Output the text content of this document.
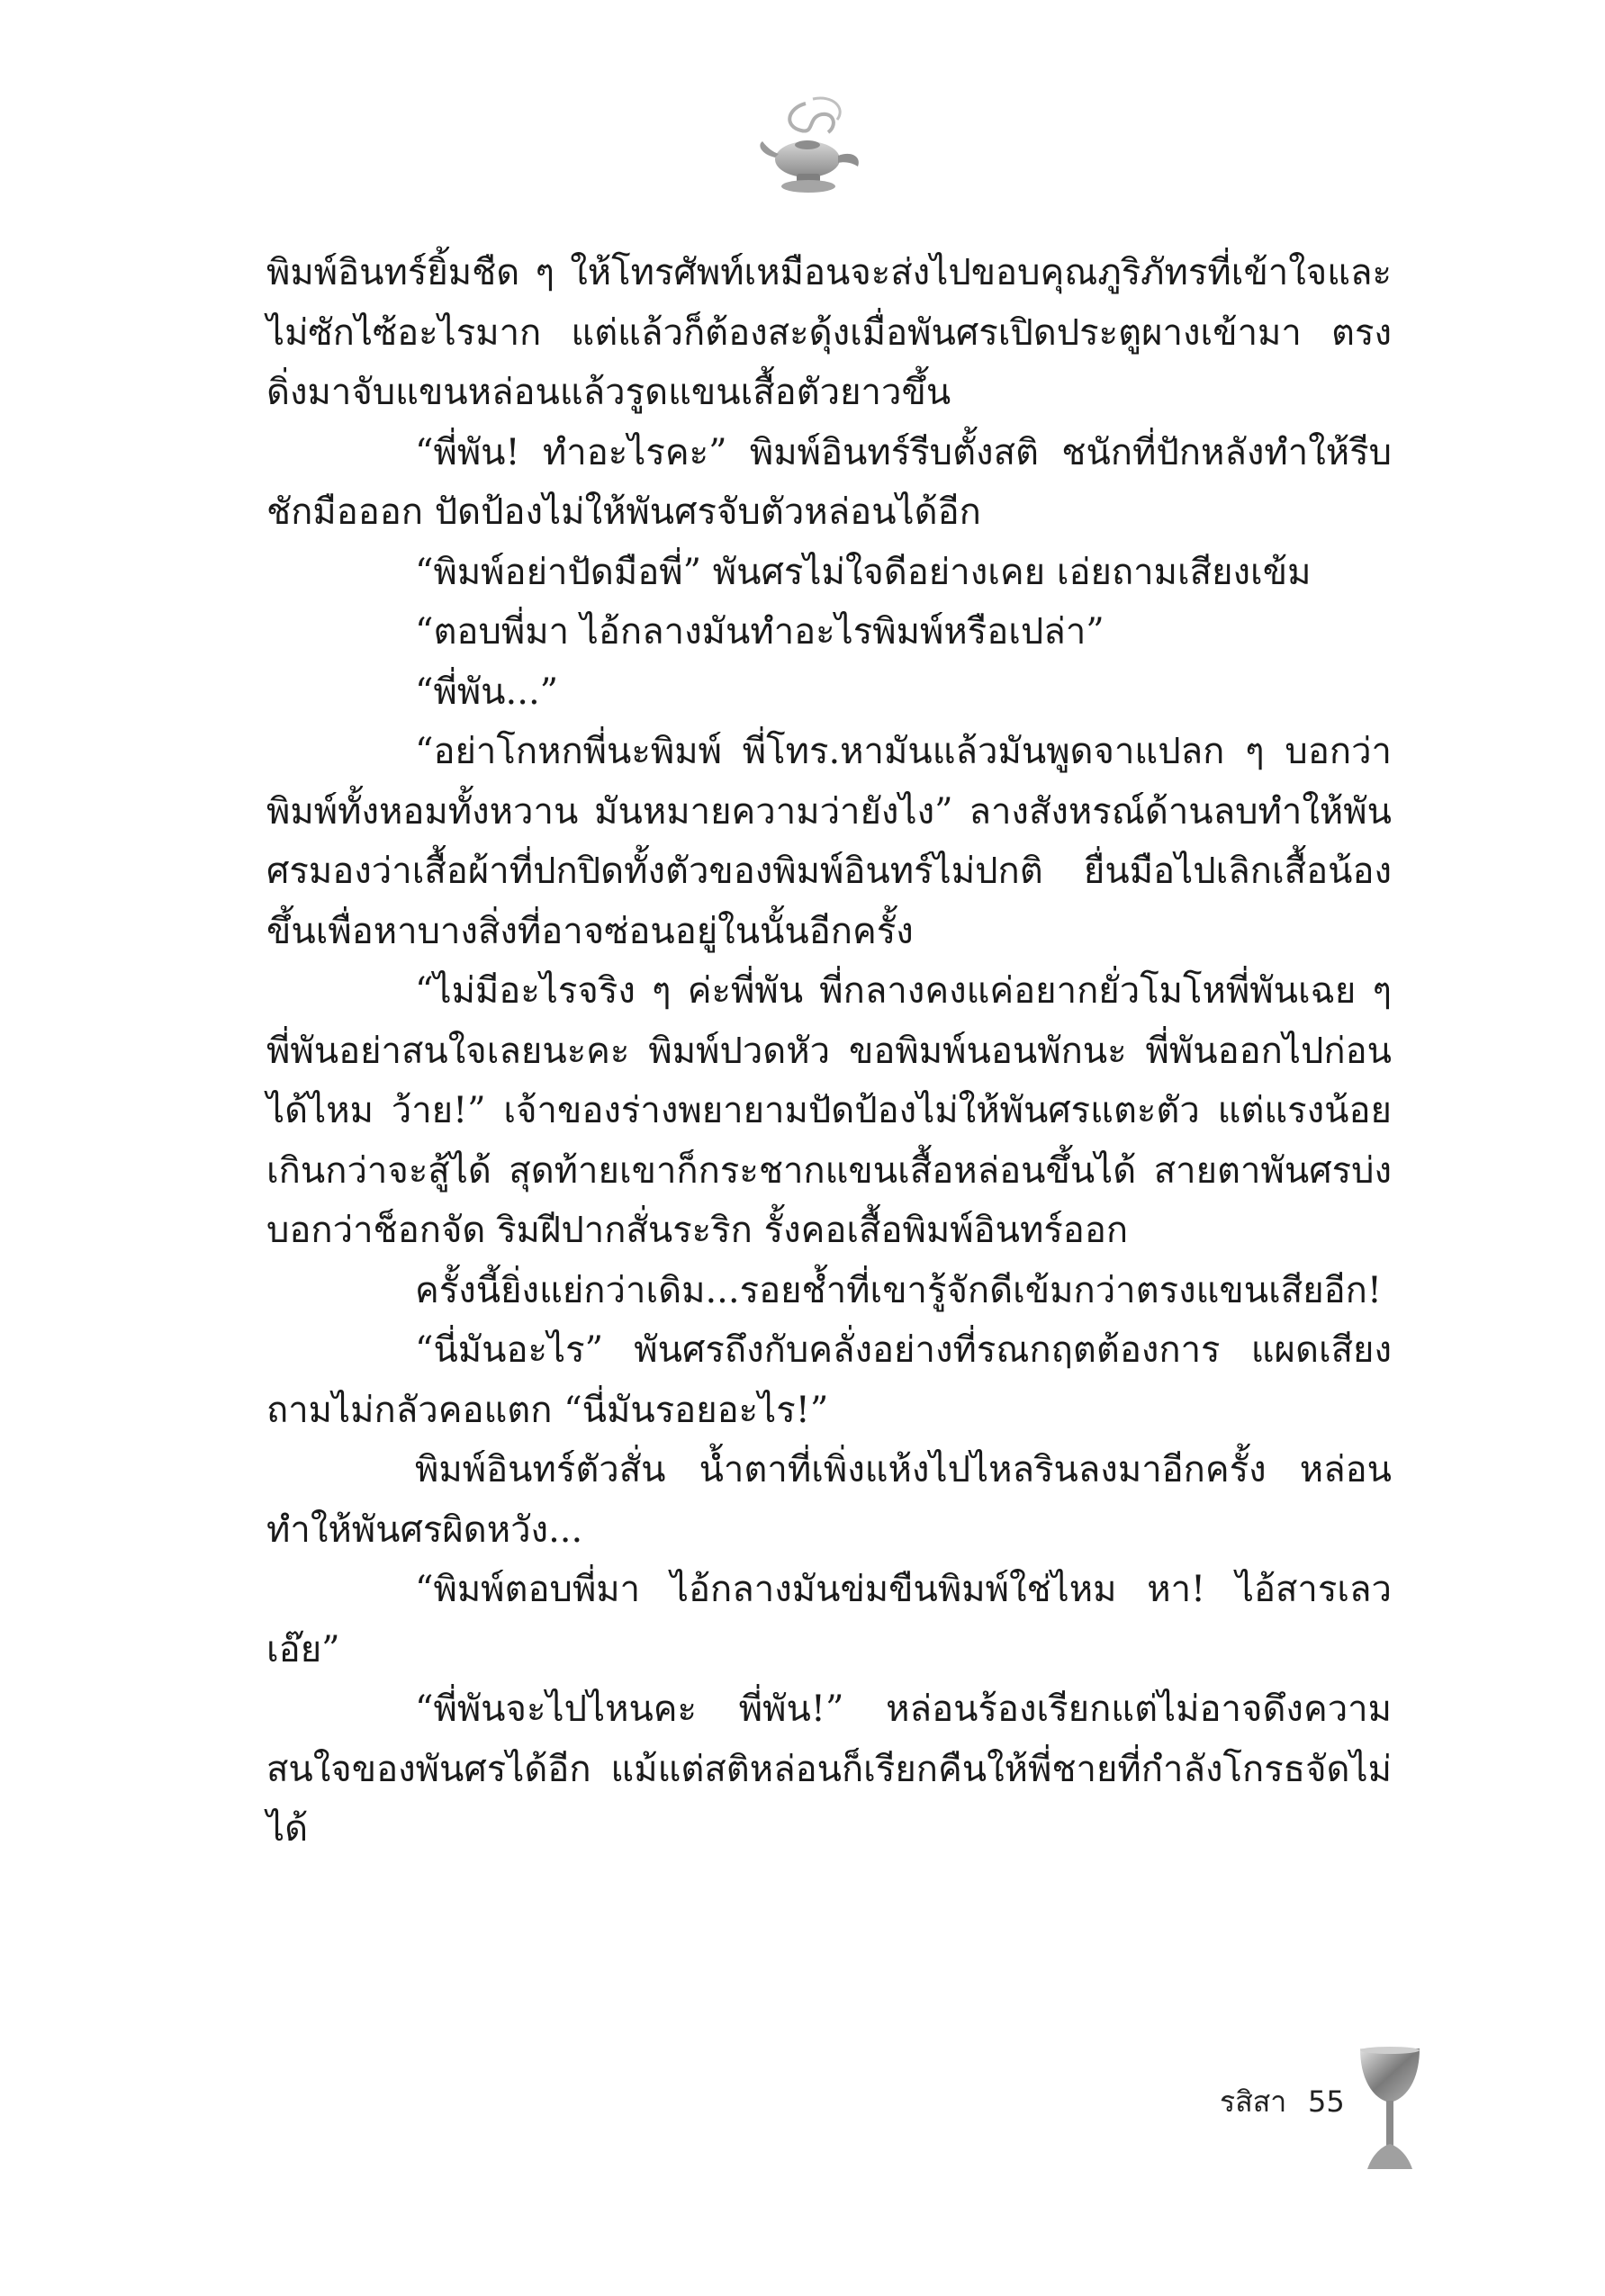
พิมพ์อินทร์ยิ้มชืด ๆ ให้โทรศัพท์เหมือนจะส่งไปขอบคุณภูริภัทรที่เข้าใจและไม่ซักไซ้อะไรมาก แต่แล้วก็ต้องสะดุ้งเมื่อพันศรเปิดประตูผางเข้ามา ตรงดิ่งมาจับแขนหล่อนแล้วรูดแขนเสื้อตัวยาวขึ้น

“พี่พัน! ทำอะไรคะ” พิมพ์อินทร์รีบตั้งสติ ชนักที่ปักหลังทำให้รีบชักมือออก ปัดป้องไม่ให้พันศรจับตัวหล่อนได้อีก

“พิมพ์อย่าปัดมือพี่” พันศรไม่ใจดีอย่างเคย เอ่ยถามเสียงเข้ม

“ตอบพี่มา ไอ้กลางมันทำอะไรพิมพ์หรือเปล่า”

“พี่พัน...”

“อย่าโกหกพี่นะพิมพ์ พี่โทร.หามันแล้วมันพูดจาแปลก ๆ บอกว่าพิมพ์ทั้งหอมทั้งหวาน มันหมายความว่ายังไง” ลางสังหรณ์ด้านลบทำให้พันศรมองว่าเสื้อผ้าที่ปกปิดทั้งตัวของพิมพ์อินทร์ไม่ปกติ ยื่นมือไปเลิกเสื้อน้องขึ้นเพื่อหาบางสิ่งที่อาจซ่อนอยู่ในนั้นอีกครั้ง

“ไม่มีอะไรจริง ๆ ค่ะพี่พัน พี่กลางคงแค่อยากยั่วโมโหพี่พันเฉย ๆ พี่พันอย่าสนใจเลยนะคะ พิมพ์ปวดหัว ขอพิมพ์นอนพักนะ พี่พันออกไปก่อนได้ไหม ว้าย!” เจ้าของร่างพยายามปัดป้องไม่ให้พันศรแตะตัว แต่แรงน้อยเกินกว่าจะสู้ได้ สุดท้ายเขาก็กระชากแขนเสื้อหล่อนขึ้นได้ สายตาพันศรบ่งบอกว่าช็อกจัด ริมฝีปากสั่นระริก รั้งคอเสื้อพิมพ์อินทร์ออก

ครั้งนี้ยิ่งแย่กว่าเดิม...รอยช้ำที่เขารู้จักดีเข้มกว่าตรงแขนเสียอีก!

“นี่มันอะไร” พันศรถึงกับคลั่งอย่างที่รณกฤตต้องการ แผดเสียงถามไม่กลัวคอแตก “นี่มันรอยอะไร!”

พิมพ์อินทร์ตัวสั่น น้ำตาที่เพิ่งแห้งไปไหลรินลงมาอีกครั้ง หล่อนทำให้พันศรผิดหวัง...

“พิมพ์ตอบพี่มา ไอ้กลางมันข่มขืนพิมพ์ใช่ไหม หา! ไอ้สารเลวเอ๊ย”

“พี่พันจะไปไหนคะ พี่พัน!” หล่อนร้องเรียกแต่ไม่อาจดึงความสนใจของพันศรได้อีก แม้แต่สติหล่อนก็เรียกคืนให้พี่ชายที่กำลังโกรธจัดไม่ได้

รสิสา 55
